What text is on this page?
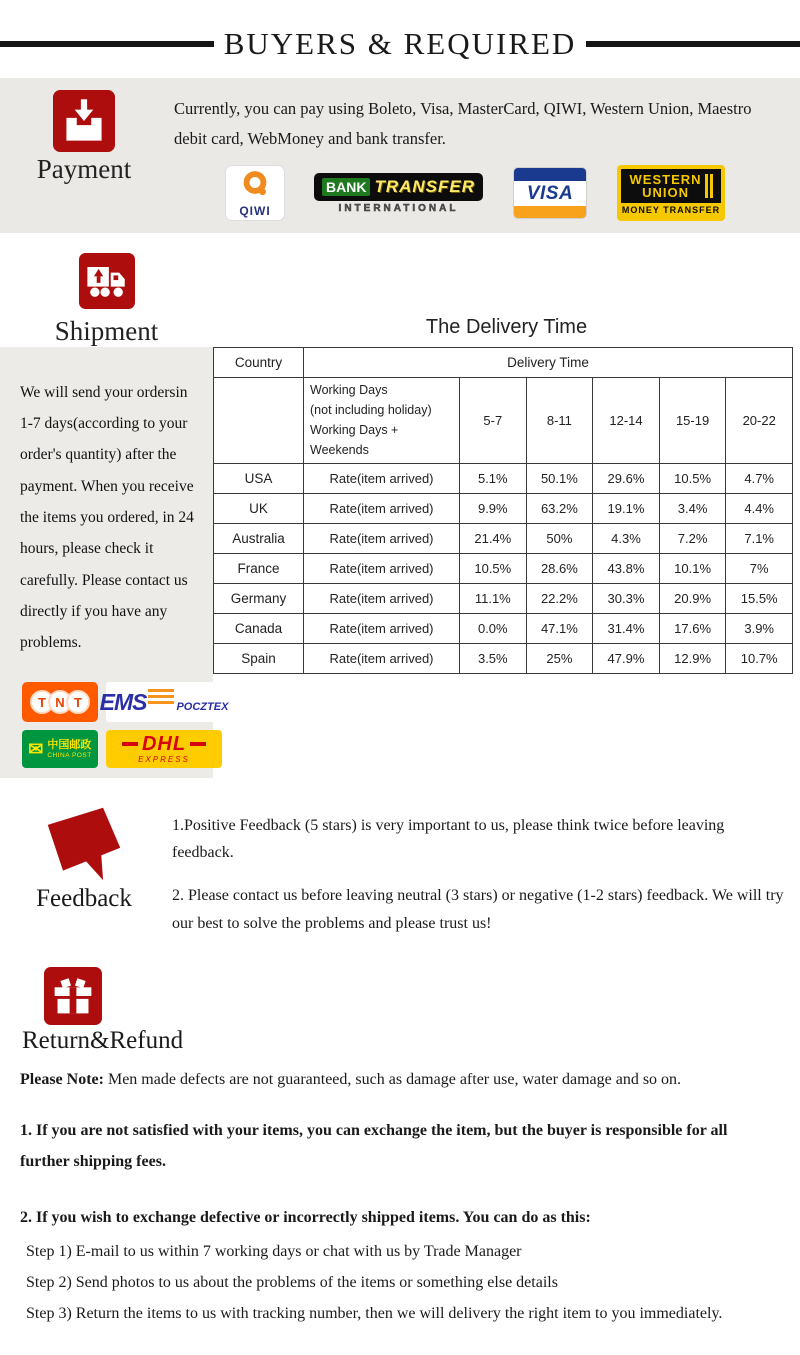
BUYERS & REQUIRED
Payment

Currently, you can pay using Boleto, Visa, MasterCard, QIWI, Western Union, Maestro debit card, WebMoney and bank transfer.

QIWI
BANK TRANSFER
INTERNATIONAL
VISA
WESTERN
UNION
MONEY TRANSFER
Shipment	The Delivery Time

We will send your ordersin 1-7 days(according to your order's quantity) after the payment. When you receive the items you ordered, in 24 hours, please check it carefully. Please contact us directly if you have any problems.

T N T EMS	POCZTEX
✉ 中国邮政
CHINA POST	DHL
EXPRESS
Country	Delivery Time					

	Working Days
(not including holiday)
Working Days + Weekends	5-7	8-11	12-14	15-19	20-22
USA	Rate(item arrived)	5.1%	50.1%	29.6%	10.5%	4.7%
UK	Rate(item arrived)	9.9%	63.2%	19.1%	3.4%	4.4%
Australia	Rate(item arrived)	21.4%	50%	4.3%	7.2%	7.1%
France	Rate(item arrived)	10.5%	28.6%	43.8%	10.1%	7%
Germany	Rate(item arrived)	11.1%	22.2%	30.3%	20.9%	15.5%
Canada	Rate(item arrived)	0.0%	47.1%	31.4%	17.6%	3.9%
Spain	Rate(item arrived)	3.5%	25%	47.9%	12.9%	10.7%
Feedback

1.Positive Feedback (5 stars) is very important to us, please think twice before leaving feedback.

2. Please contact us before leaving neutral (3 stars) or negative (1-2 stars) feedback. We will try our best to solve the problems and please trust us!

Return&Refund

Please Note: Men made defects are not guaranteed, such as damage after use, water damage and so on.

1. If you are not satisfied with your items, you can exchange the item, but the buyer is responsible for all further shipping fees.

2. If you wish to exchange defective or incorrectly shipped items. You can do as this:

Step 1) E-mail to us within 7 working days or chat with us by Trade Manager
Step 2) Send photos to us about the problems of the items or something else details
Step 3) Return the items to us with tracking number, then we will delivery the right item to you immediately.
